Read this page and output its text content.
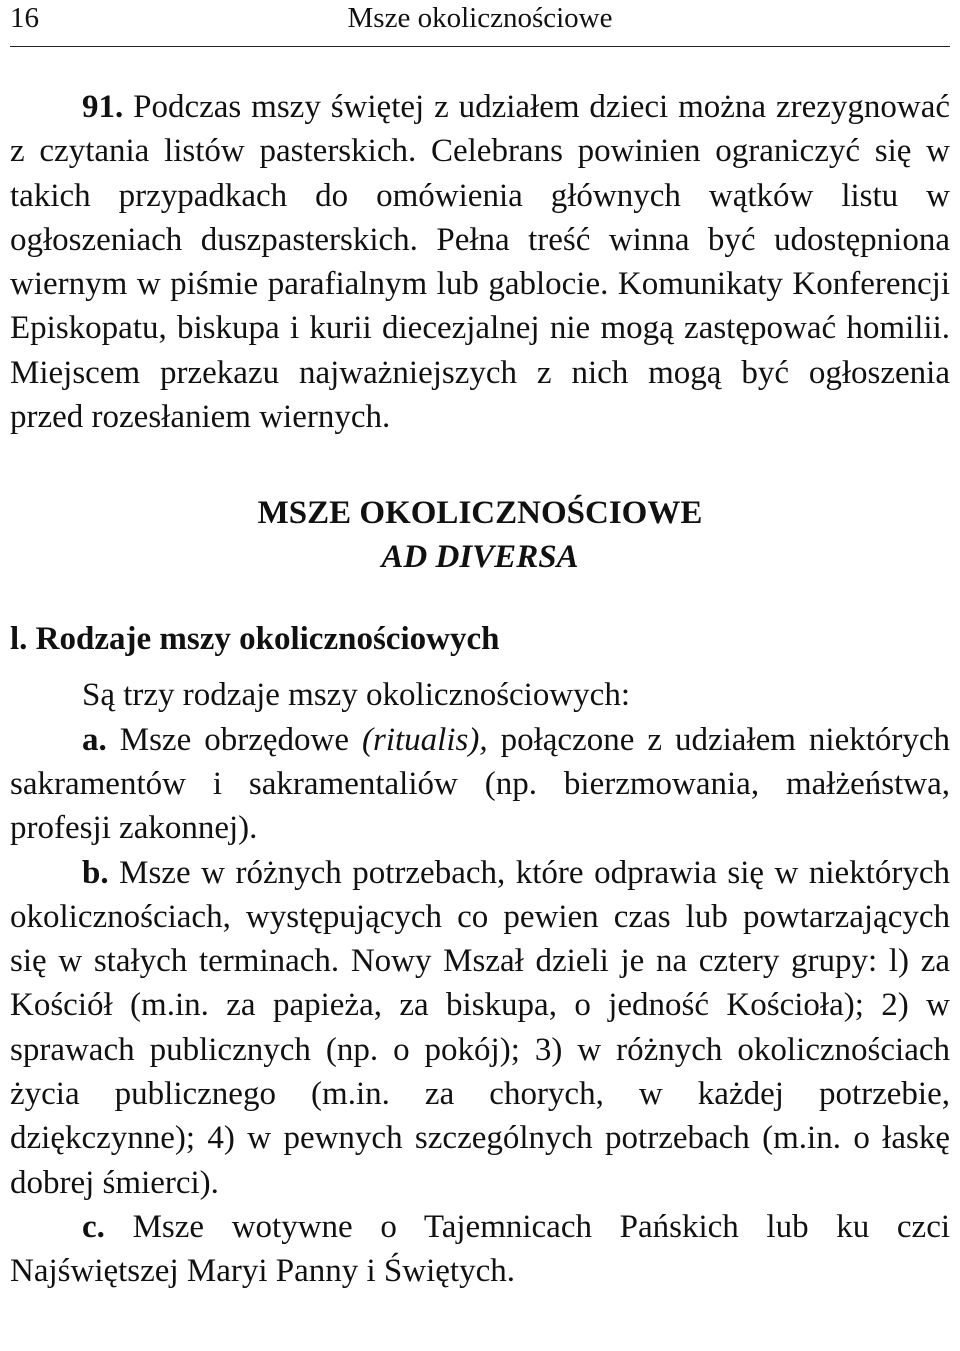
16	Msze okolicznościowe

91. Podczas mszy świętej z udziałem dzieci można zrezygnować z czytania listów pasterskich. Celebrans powinien ograniczyć się w takich przypadkach do omówienia głównych wątków listu w ogłoszeniach duszpasterskich. Pełna treść winna być udostępniona wiernym w piśmie parafialnym lub gablocie. Komunikaty Konferencji Episkopatu, biskupa i kurii diecezjalnej nie mogą zastępować homilii. Miejscem przekazu najważniejszych z nich mogą być ogłoszenia przed rozesłaniem wiernych.

MSZE OKOLICZNOŚCIOWE
AD DIVERSA
l. Rodzaje mszy okolicznościowych

Są trzy rodzaje mszy okolicznościowych:

a. Msze obrzędowe (ritualis), połączone z udziałem niektórych sakramentów i sakramentaliów (np. bierzmowania, małżeństwa, profesji zakonnej).

b. Msze w różnych potrzebach, które odprawia się w niektórych okolicznościach, występujących co pewien czas lub powtarzających się w stałych terminach. Nowy Mszał dzieli je na cztery grupy: l) za Kościół (m.in. za papieża, za biskupa, o jedność Kościoła); 2) w sprawach publicznych (np. o pokój); 3) w różnych okolicznościach życia publicznego (m.in. za chorych, w każdej potrzebie, dziękczynne); 4) w pewnych szczególnych potrzebach (m.in. o łaskę dobrej śmierci).

c. Msze wotywne o Tajemnicach Pańskich lub ku czci Najświętszej Maryi Panny i Świętych.
